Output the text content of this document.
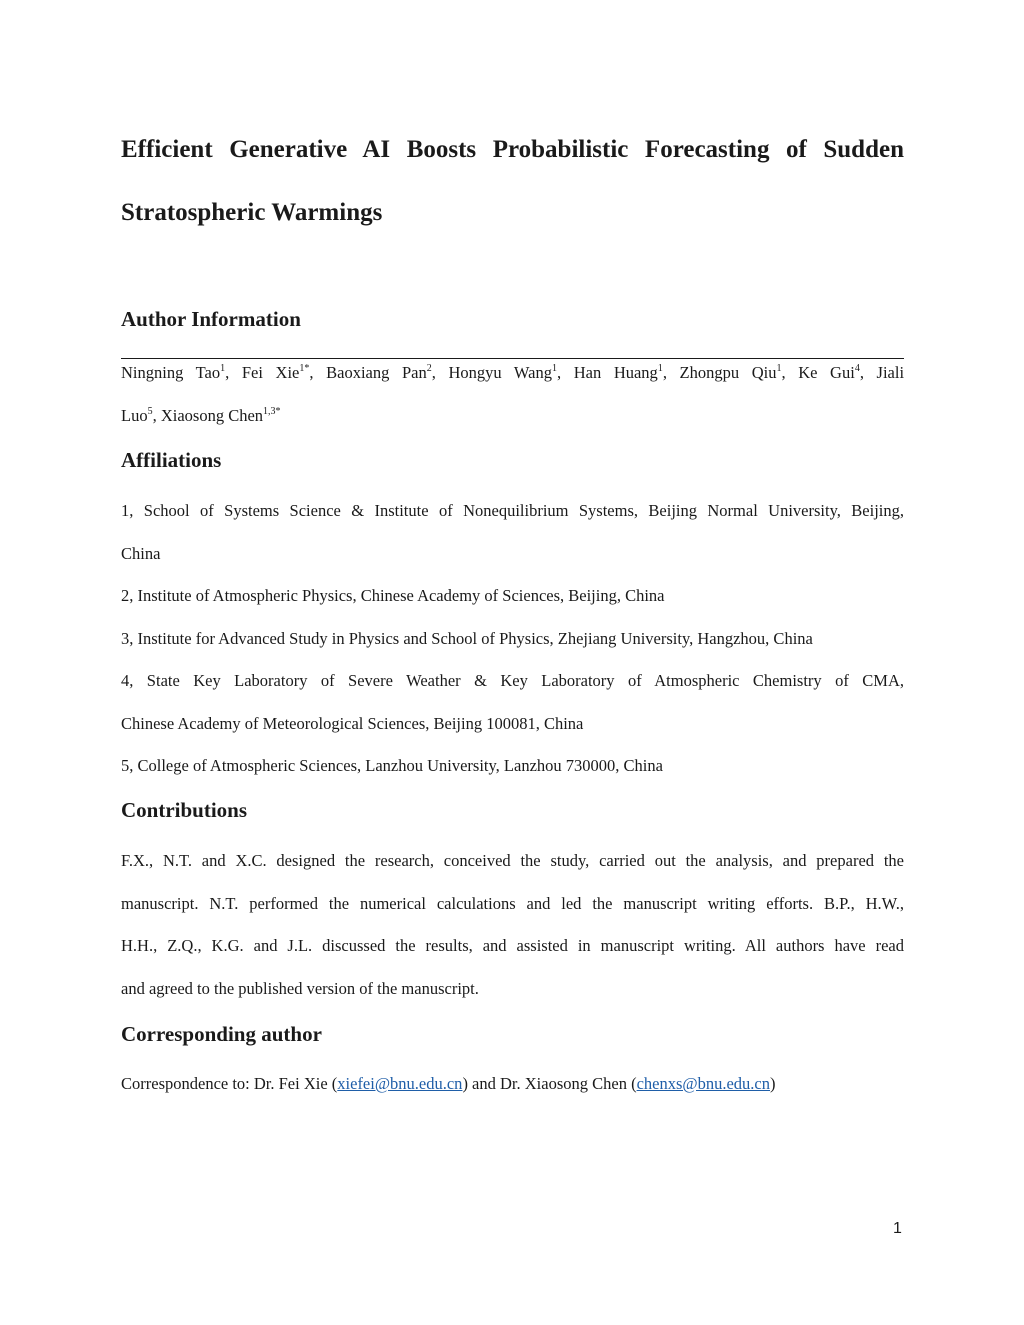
Efficient Generative AI Boosts Probabilistic Forecasting of Sudden
Stratospheric Warmings
Author Information
Ningning Tao$^1$, Fei Xie$^{1*}$, Baoxiang Pan$^2$, Hongyu Wang$^1$, Han Huang$^1$, Zhongpu Qiu$^1$, Ke Gui$^4$, Jiali
Luo$^5$, Xiaosong Chen$^{1,3*}$
Affiliations
1, School of Systems Science & Institute of Nonequilibrium Systems, Beijing Normal University, Beijing,
China
2, Institute of Atmospheric Physics, Chinese Academy of Sciences, Beijing, China
3, Institute for Advanced Study in Physics and School of Physics, Zhejiang University, Hangzhou, China
4, State Key Laboratory of Severe Weather & Key Laboratory of Atmospheric Chemistry of CMA,
Chinese Academy of Meteorological Sciences, Beijing 100081, China
5, College of Atmospheric Sciences, Lanzhou University, Lanzhou 730000, China
Contributions
F.X., N.T. and X.C. designed the research, conceived the study, carried out the analysis, and prepared the
manuscript. N.T. performed the numerical calculations and led the manuscript writing efforts. B.P., H.W.,
H.H., Z.Q., K.G. and J.L. discussed the results, and assisted in manuscript writing. All authors have read
and agreed to the published version of the manuscript.
Corresponding author
Correspondence to: Dr. Fei Xie (xiefei@bnu.edu.cn) and Dr. Xiaosong Chen (chenxs@bnu.edu.cn)
1
